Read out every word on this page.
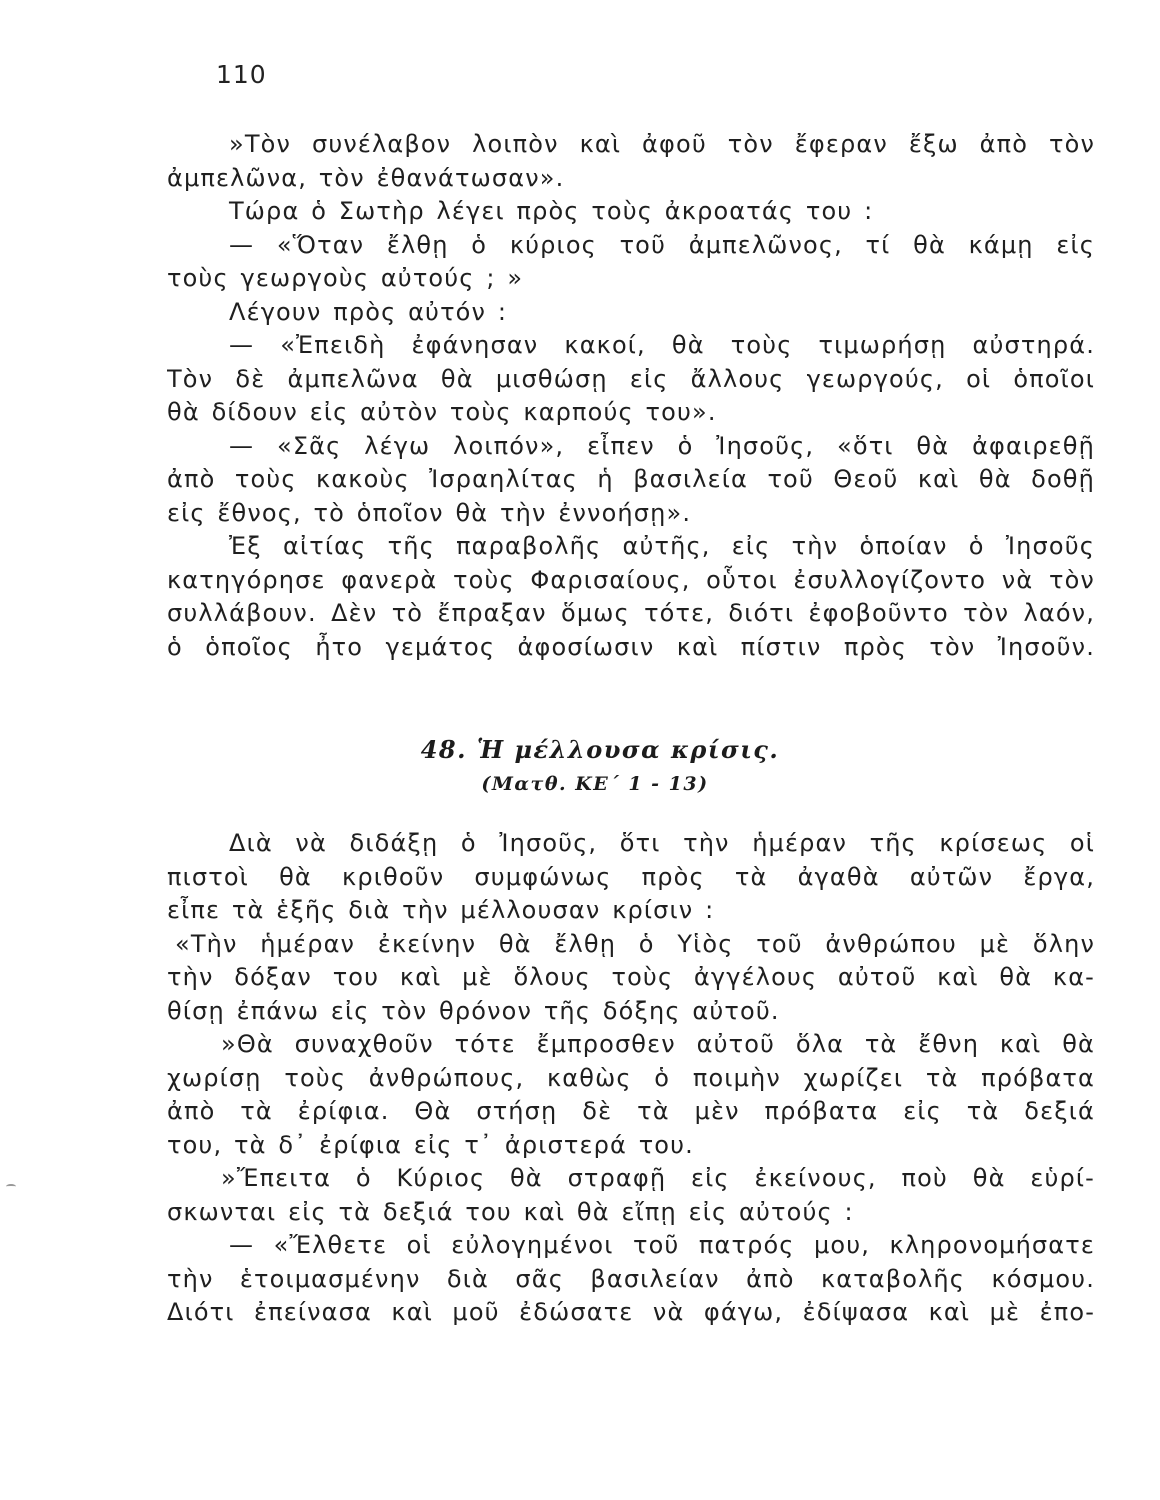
110
»Τὸν συνέλαβον λοιπὸν καὶ ἀφοῦ τὸν ἔφεραν ἔξω ἀπὸ τὸν
ἀμπελῶνα, τὸν ἐθανάτωσαν».
Τώρα ὁ Σωτὴρ λέγει πρὸς τοὺς ἀκροατάς του :
— «Ὅταν ἔλθῃ ὁ κύριος τοῦ ἀμπελῶνος, τί θὰ κάμῃ εἰς
τοὺς γεωργοὺς αὐτούς ; »
Λέγουν πρὸς αὐτόν :
— «Ἐπειδὴ ἐφάνησαν κακοί, θὰ τοὺς τιμωρήσῃ αὐστηρά.
Τὸν δὲ ἀμπελῶνα θὰ μισθώσῃ εἰς ἄλλους γεωργούς, οἱ ὁποῖοι
θὰ δίδουν εἰς αὐτὸν τοὺς καρπούς του».
— «Σᾶς λέγω λοιπόν», εἶπεν ὁ Ἰησοῦς, «ὅτι θὰ ἀφαιρεθῇ
ἀπὸ τοὺς κακοὺς Ἰσραηλίτας ἡ βασιλεία τοῦ Θεοῦ καὶ θὰ δοθῇ
εἰς ἔθνος, τὸ ὁποῖον θὰ τὴν ἐννοήσῃ».
Ἐξ αἰτίας τῆς παραβολῆς αὐτῆς, εἰς τὴν ὁποίαν ὁ Ἰησοῦς
κατηγόρησε φανερὰ τοὺς Φαρισαίους, οὗτοι ἐσυλλογίζοντο νὰ τὸν
συλλάβουν. Δὲν τὸ ἔπραξαν ὅμως τότε, διότι ἐφοβοῦντο τὸν λαόν,
ὁ ὁποῖος ἦτο γεμάτος ἀφοσίωσιν καὶ πίστιν πρὸς τὸν Ἰησοῦν.
48. Ἡ μέλλουσα κρίσις.
(Ματθ. ΚΕ΄ 1 - 13)
Διὰ νὰ διδάξῃ ὁ Ἰησοῦς, ὅτι τὴν ἡμέραν τῆς κρίσεως οἱ
πιστοὶ θὰ κριθοῦν συμφώνως πρὸς τὰ ἀγαθὰ αὐτῶν ἔργα,
εἶπε τὰ ἑξῆς διὰ τὴν μέλλουσαν κρίσιν :
«Τὴν ἡμέραν ἐκείνην θὰ ἔλθῃ ὁ Υἱὸς τοῦ ἀνθρώπου μὲ ὅλην
τὴν δόξαν του καὶ μὲ ὅλους τοὺς ἀγγέλους αὐτοῦ καὶ θὰ κα-
θίσῃ ἐπάνω εἰς τὸν θρόνον τῆς δόξης αὐτοῦ.
»Θὰ συναχθοῦν τότε ἔμπροσθεν αὐτοῦ ὅλα τὰ ἔθνη καὶ θὰ
χωρίσῃ τοὺς ἀνθρώπους, καθὼς ὁ ποιμὴν χωρίζει τὰ πρόβατα
ἀπὸ τὰ ἐρίφια. Θὰ στήσῃ δὲ τὰ μὲν πρόβατα εἰς τὰ δεξιά
του, τὰ δ᾽ ἐρίφια εἰς τ᾽ ἀριστερά του.
»Ἔπειτα ὁ Κύριος θὰ στραφῇ εἰς ἐκείνους, ποὺ θὰ εὑρί-
σκωνται εἰς τὰ δεξιά του καὶ θὰ εἴπῃ εἰς αὐτούς :
— «Ἔλθετε οἱ εὐλογημένοι τοῦ πατρός μου, κληρονομήσατε
τὴν ἑτοιμασμένην διὰ σᾶς βασιλείαν ἀπὸ καταβολῆς κόσμου.
Διότι ἐπείνασα καὶ μοῦ ἐδώσατε νὰ φάγω, ἐδίψασα καὶ μὲ ἐπο-
